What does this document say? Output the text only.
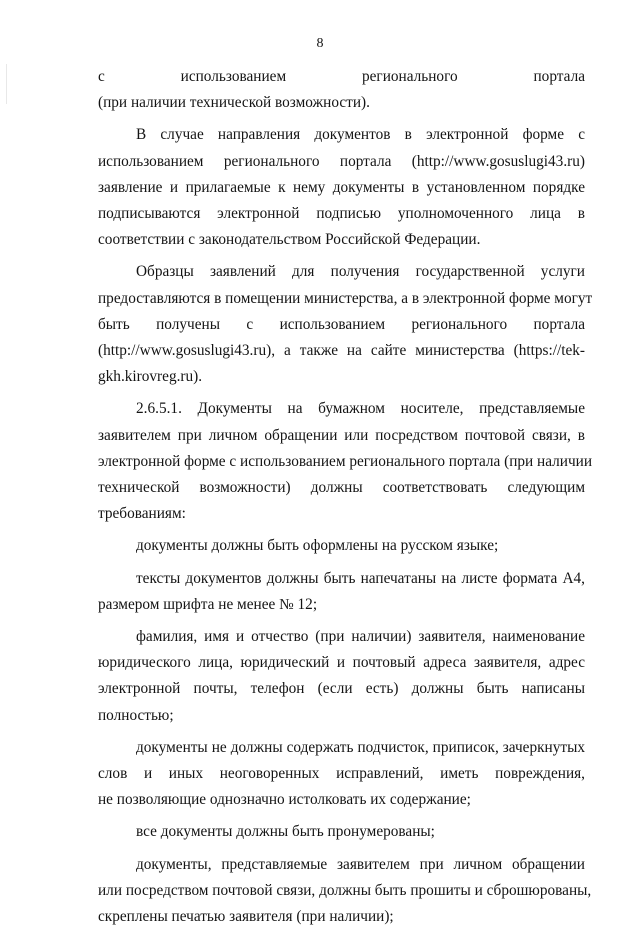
8

с использованием регионального портала
(при наличии технической возможности).

В случае направления документов в электронной форме с
использованием регионального портала (http://www.gosuslugi43.ru)
заявление и прилагаемые к нему документы в установленном порядке
подписываются электронной подписью уполномоченного лица в
соответствии с законодательством Российской Федерации.

Образцы заявлений для получения государственной услуги
предоставляются в помещении министерства, а в электронной форме могут
быть получены с использованием регионального портала
(http://www.gosuslugi43.ru), а также на сайте министерства (https://tek-
gkh.kirovreg.ru).

2.6.5.1. Документы на бумажном носителе, представляемые
заявителем при личном обращении или посредством почтовой связи, в
электронной форме с использованием регионального портала (при наличии
технической возможности) должны соответствовать следующим
требованиям:

документы должны быть оформлены на русском языке;

тексты документов должны быть напечатаны на листе формата А4,
размером шрифта не менее № 12;

фамилия, имя и отчество (при наличии) заявителя, наименование
юридического лица, юридический и почтовый адреса заявителя, адрес
электронной почты, телефон (если есть) должны быть написаны
полностью;

документы не должны содержать подчисток, приписок, зачеркнутых
слов и иных неоговоренных исправлений, иметь повреждения,
не позволяющие однозначно истолковать их содержание;

все документы должны быть пронумерованы;

документы, представляемые заявителем при личном обращении
или посредством почтовой связи, должны быть прошиты и сброшюрованы,
скреплены печатью заявителя (при наличии);
